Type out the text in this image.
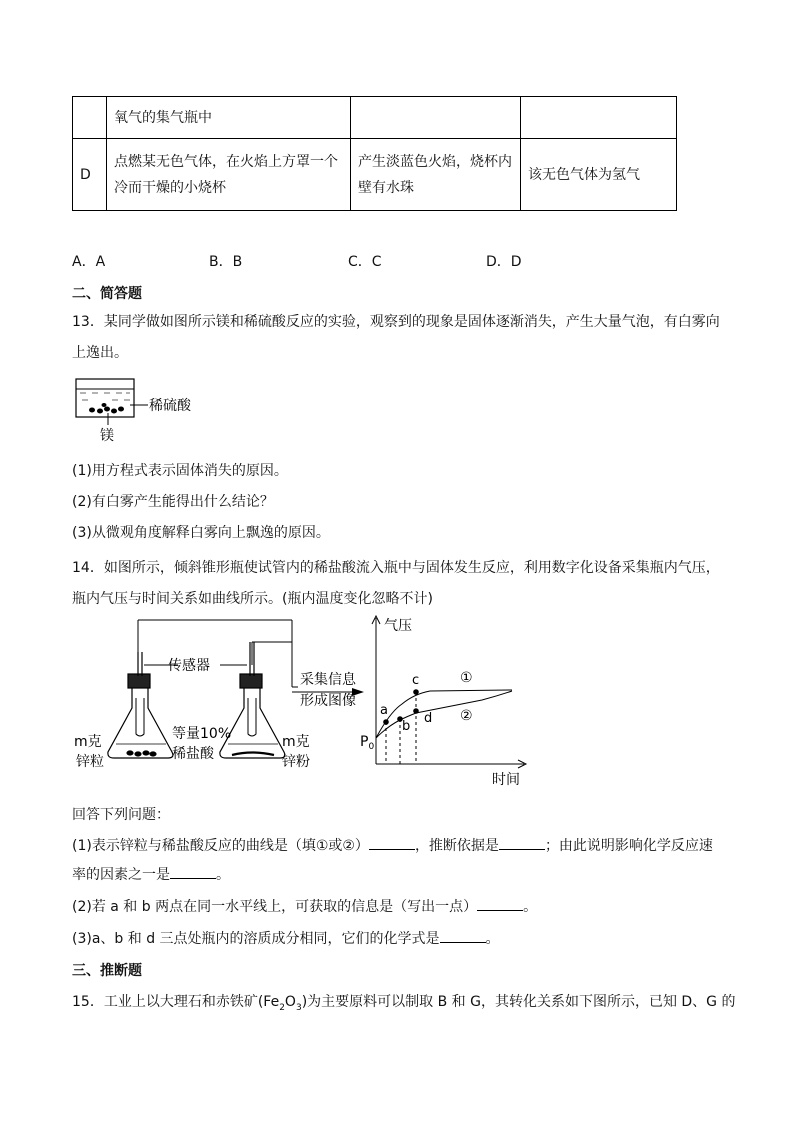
	氧气的集气瓶中		
D	点燃某无色气体，在火焰上方罩一个冷而干燥的小烧杯	产生淡蓝色火焰，烧杯内壁有水珠	该无色气体为氢气
A．A	B．B	C．C	D．D
二、简答题
13．某同学做如图所示镁和稀硫酸反应的实验，观察到的现象是固体逐渐消失，产生大量气泡，有白雾向上逸出。
稀硫酸
镁
(1)用方程式表示固体消失的原因。
(2)有白雾产生能得出什么结论？
(3)从微观角度解释白雾向上飘逸的原因。
14．如图所示，倾斜锥形瓶使试管内的稀盐酸流入瓶中与固体发生反应，利用数字化设备采集瓶内气压，瓶内气压与时间关系如曲线所示。(瓶内温度变化忽略不计)
传感器
采集信息
形成图像
m克
锌粒
等量10%
稀盐酸
m克
锌粉
气压
时间
$P_0$
a
b
c
d
①
②
回答下列问题：
(1)表示锌粒与稀盐酸反应的曲线是（填①或②）	，推断依据是	；由此说明影响化学反应速
率的因素之一是	。
(2)若 a 和 b 两点在同一水平线上，可获取的信息是（写出一点）	。
(3)a、b 和 d 三点处瓶内的溶质成分相同，它们的化学式是	。
三、推断题
15．工业上以大理石和赤铁矿$(Fe_2O_3)$为主要原料可以制取 B 和 G，其转化关系如下图所示，已知 D、G 的
